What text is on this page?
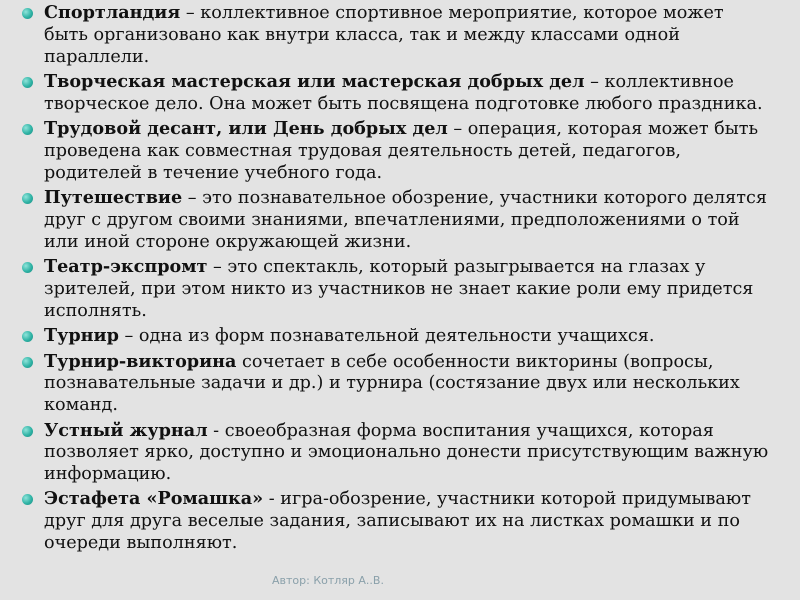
Спортландия – коллективное спортивное мероприятие, которое может быть организовано как внутри класса, так и между классами одной параллели.
Творческая мастерская или мастерская добрых дел – коллективное творческое дело. Она может быть посвящена подготовке любого праздника.
Трудовой десант, или День добрых дел – операция, которая может быть проведена как совместная трудовая деятельность детей, педагогов, родителей в течение учебного года.
Путешествие – это познавательное обозрение, участники которого делятся друг с другом своими знаниями, впечатлениями, предположениями о той или иной стороне окружающей жизни.
Театр-экспромт – это спектакль, который разыгрывается на глазах у зрителей, при этом никто из участников не знает какие роли ему придется исполнять.
Турнир – одна из форм познавательной деятельности учащихся.
Турнир-викторина сочетает в себе особенности викторины (вопросы, познавательные задачи и др.) и турнира (состязание двух или нескольких команд.
Устный журнал - своеобразная форма воспитания учащихся, которая позволяет ярко, доступно и эмоционально донести присутствующим важную информацию.
Эстафета «Ромашка» - игра-обозрение, участники которой придумывают друг для друга веселые задания, записывают их на листках ромашки и по очереди выполняют.
Автор: Котляр А..В.
